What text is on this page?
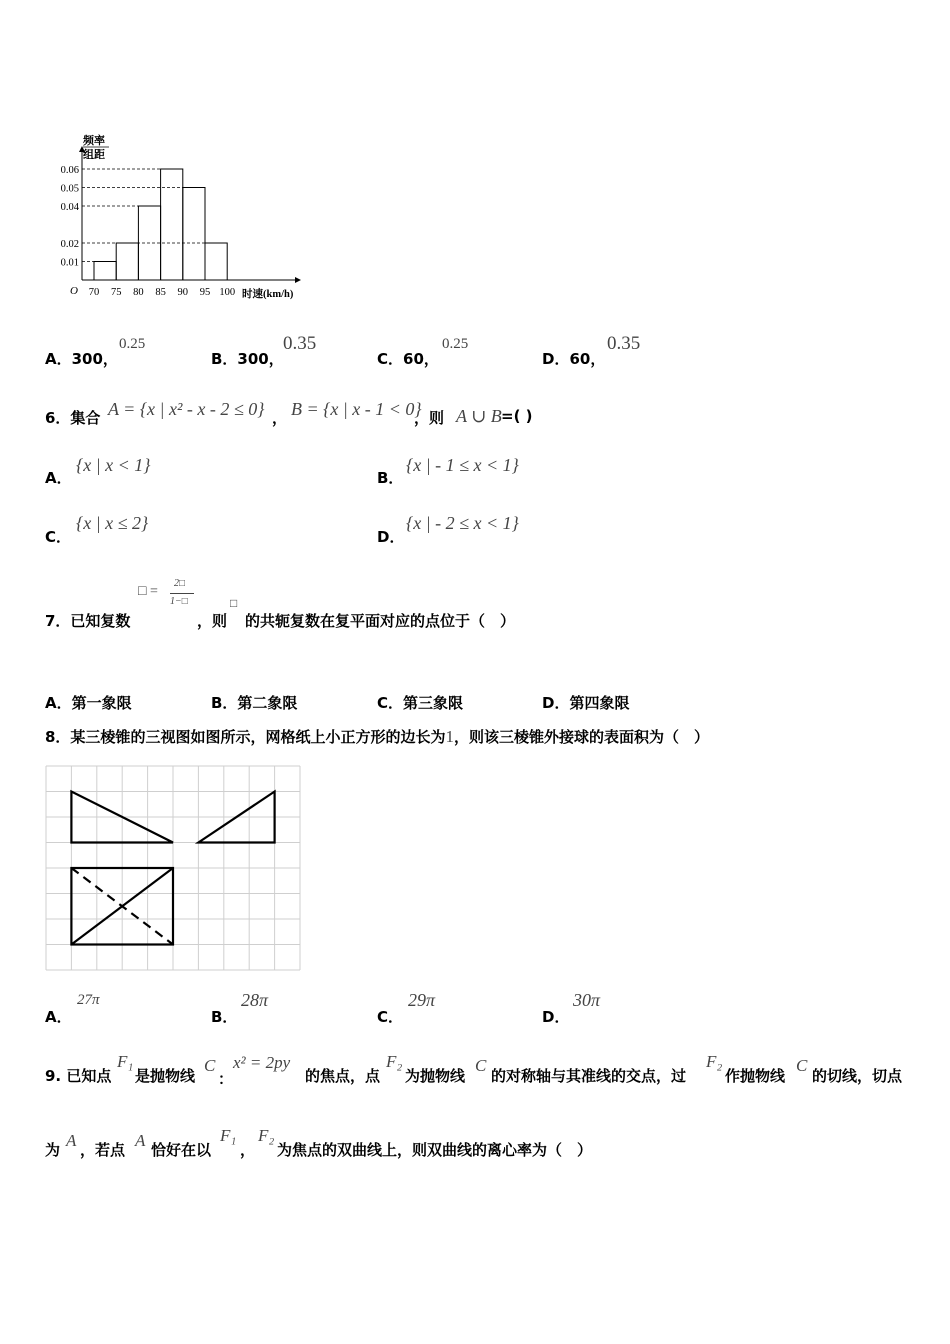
0.06
0.05
0.04
0.02
0.01
70 75 80 85 90 95 100
O	时速(km/h)
频率
组距
A．300，
0.25
B．300，
0.35
C．60，
0.25
D．60，
0.35
6．集合 A = {x | x² - x - 2 ≤ 0} ， B = {x | x - 1 < 0}
，则 A ∪ B =( )
A．
{x | x < 1}
B．
{x | - 1 ≤ x < 1}
C．
{x | x ≤ 2}
D．
{x | - 2 ≤ x < 1}
7．已知复数
□ =
2□
1−□
，则
□
的共轭复数在复平面对应的点位于（　）
A．第一象限	B．第二象限	C．第三象限	D．第四象限
8．某三棱锥的三视图如图所示，网格纸上小正方形的边长为1，则该三棱锥外接球的表面积为（　）
A．
27π
B．
28π
C．
29π
D．
30π
9. 已知点
F₁
是抛物线
C
：
x² = 2py
的焦点，点
F₂
为抛物线
C
的对称轴与其准线的交点，过
F₂
作抛物线
C
的切线，切点
为 A ，若点 A 恰好在以
F₁
，
F₂
为焦点的双曲线上，则双曲线的离心率为（　）
